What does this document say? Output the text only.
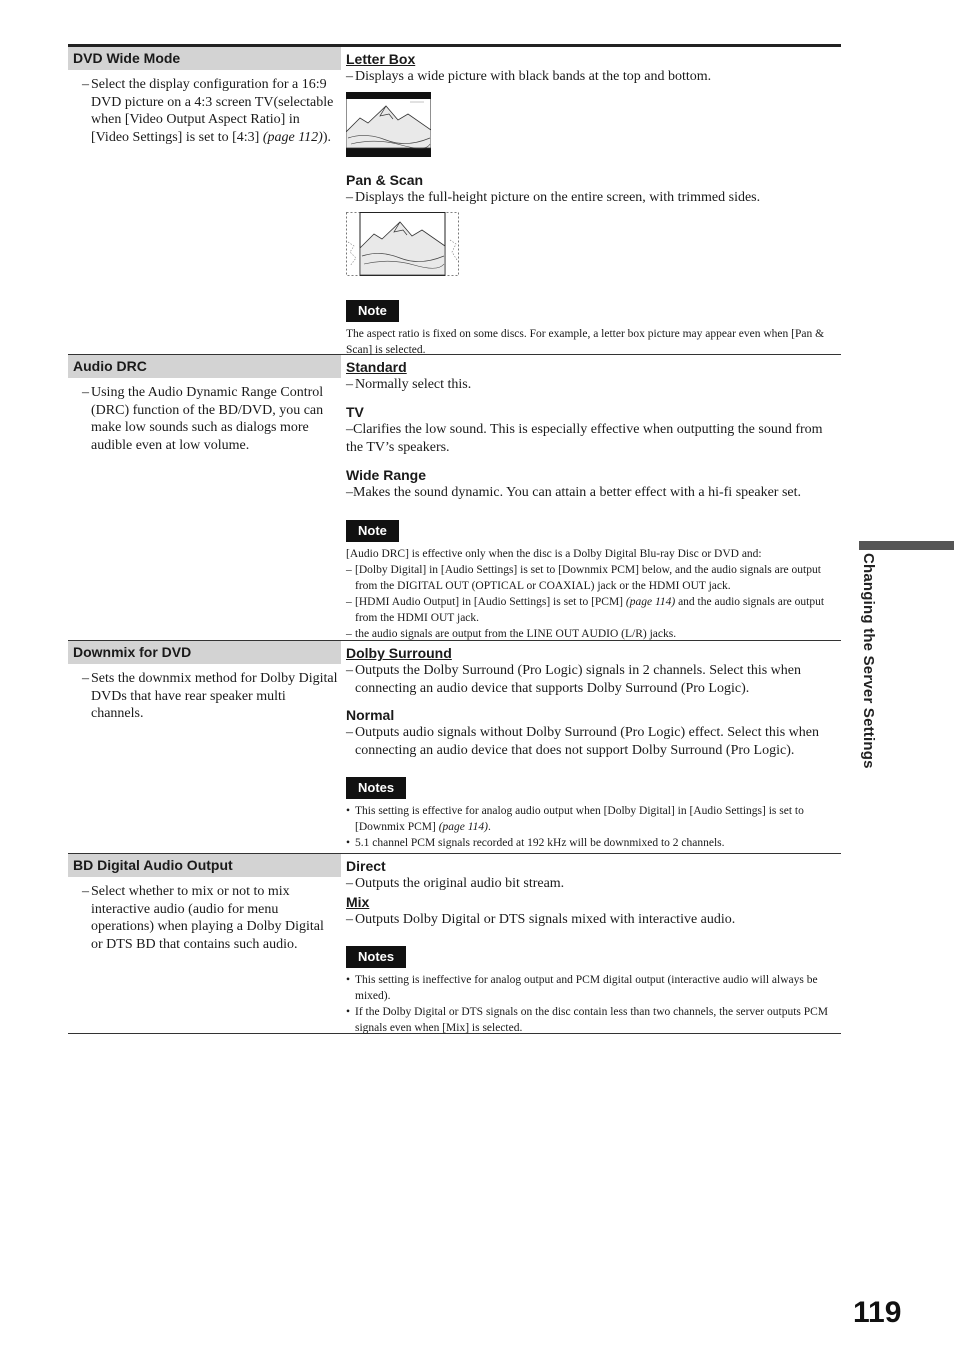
DVD Wide Mode
– Select the display configuration for a 16:9 DVD picture on a 4:3 screen TV(selectable when [Video Output Aspect Ratio] in [Video Settings] is set to [4:3] (page 112)).
Letter Box
– Displays a wide picture with black bands at the top and bottom.
Pan & Scan
– Displays the full-height picture on the entire screen, with trimmed sides.
Note
The aspect ratio is fixed on some discs. For example, a letter box picture may appear even when [Pan & Scan] is selected.
Audio DRC
– Using the Audio Dynamic Range Control (DRC) function of the BD/DVD, you can make low sounds such as dialogs more audible even at low volume.
Standard
– Normally select this.
TV
–Clarifies the low sound. This is especially effective when outputting the sound from the TV’s speakers.
Wide Range
–Makes the sound dynamic. You can attain a better effect with a hi-fi speaker set.
Note
[Audio DRC] is effective only when the disc is a Dolby Digital Blu-ray Disc or DVD and:
– [Dolby Digital] in [Audio Settings] is set to [Downmix PCM] below, and the audio signals are output from the DIGITAL OUT (OPTICAL or COAXIAL) jack or the HDMI OUT jack.
– [HDMI Audio Output] in [Audio Settings] is set to [PCM] (page 114) and the audio signals are output from the HDMI OUT jack.
– the audio signals are output from the LINE OUT AUDIO (L/R) jacks.
Downmix for DVD
– Sets the downmix method for Dolby Digital DVDs that have rear speaker multi channels.
Dolby Surround
– Outputs the Dolby Surround (Pro Logic) signals in 2 channels. Select this when connecting an audio device that supports Dolby Surround (Pro Logic).
Normal
– Outputs audio signals without Dolby Surround (Pro Logic) effect. Select this when connecting an audio device that does not support Dolby Surround (Pro Logic).
Notes
• This setting is effective for analog audio output when [Dolby Digital] in [Audio Settings] is set to [Downmix PCM] (page 114).
• 5.1 channel PCM signals recorded at 192 kHz will be downmixed to 2 channels.
BD Digital Audio Output
– Select whether to mix or not to mix interactive audio (audio for menu operations) when playing a Dolby Digital or DTS BD that contains such audio.
Direct
– Outputs the original audio bit stream.
Mix
– Outputs Dolby Digital or DTS signals mixed with interactive audio.
Notes
• This setting is ineffective for analog output and PCM digital output (interactive audio will always be mixed).
• If the Dolby Digital or DTS signals on the disc contain less than two channels, the server outputs PCM signals even when [Mix] is selected.
Changing the Server Settings
119
